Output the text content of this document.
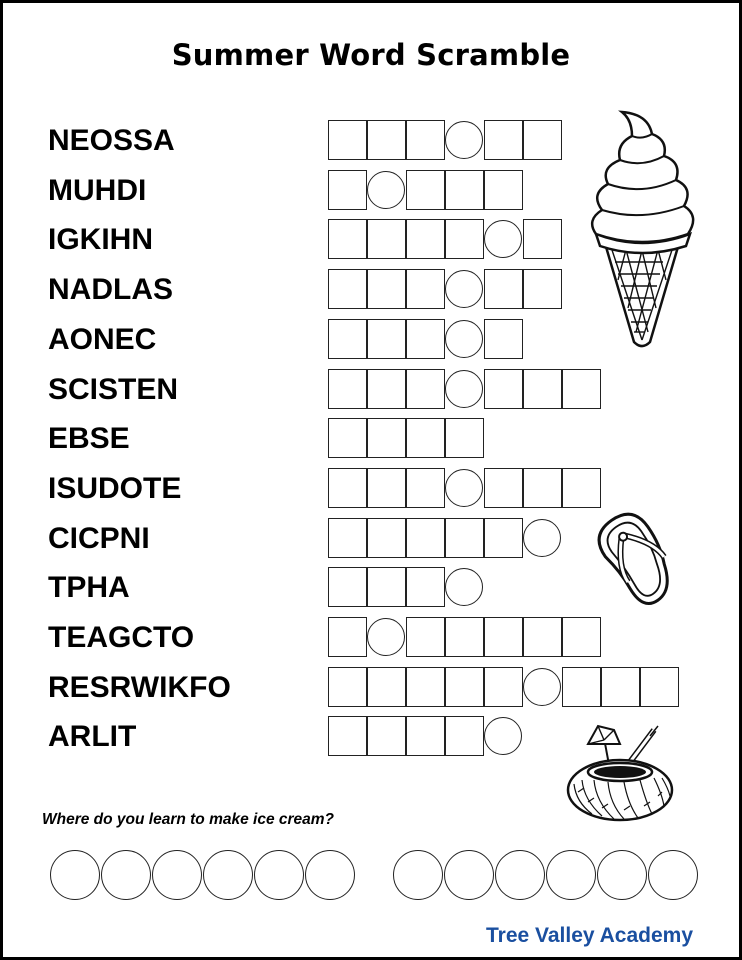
Summer Word Scramble
NEOSSA
MUHDI
IGKIHN
NADLAS
AONEC
SCISTEN
EBSE
ISUDOTE
CICPNI
TPHA
TEAGCTO
RESRWIKFO
ARLIT
Where do you learn to make ice cream?
Tree Valley Academy
